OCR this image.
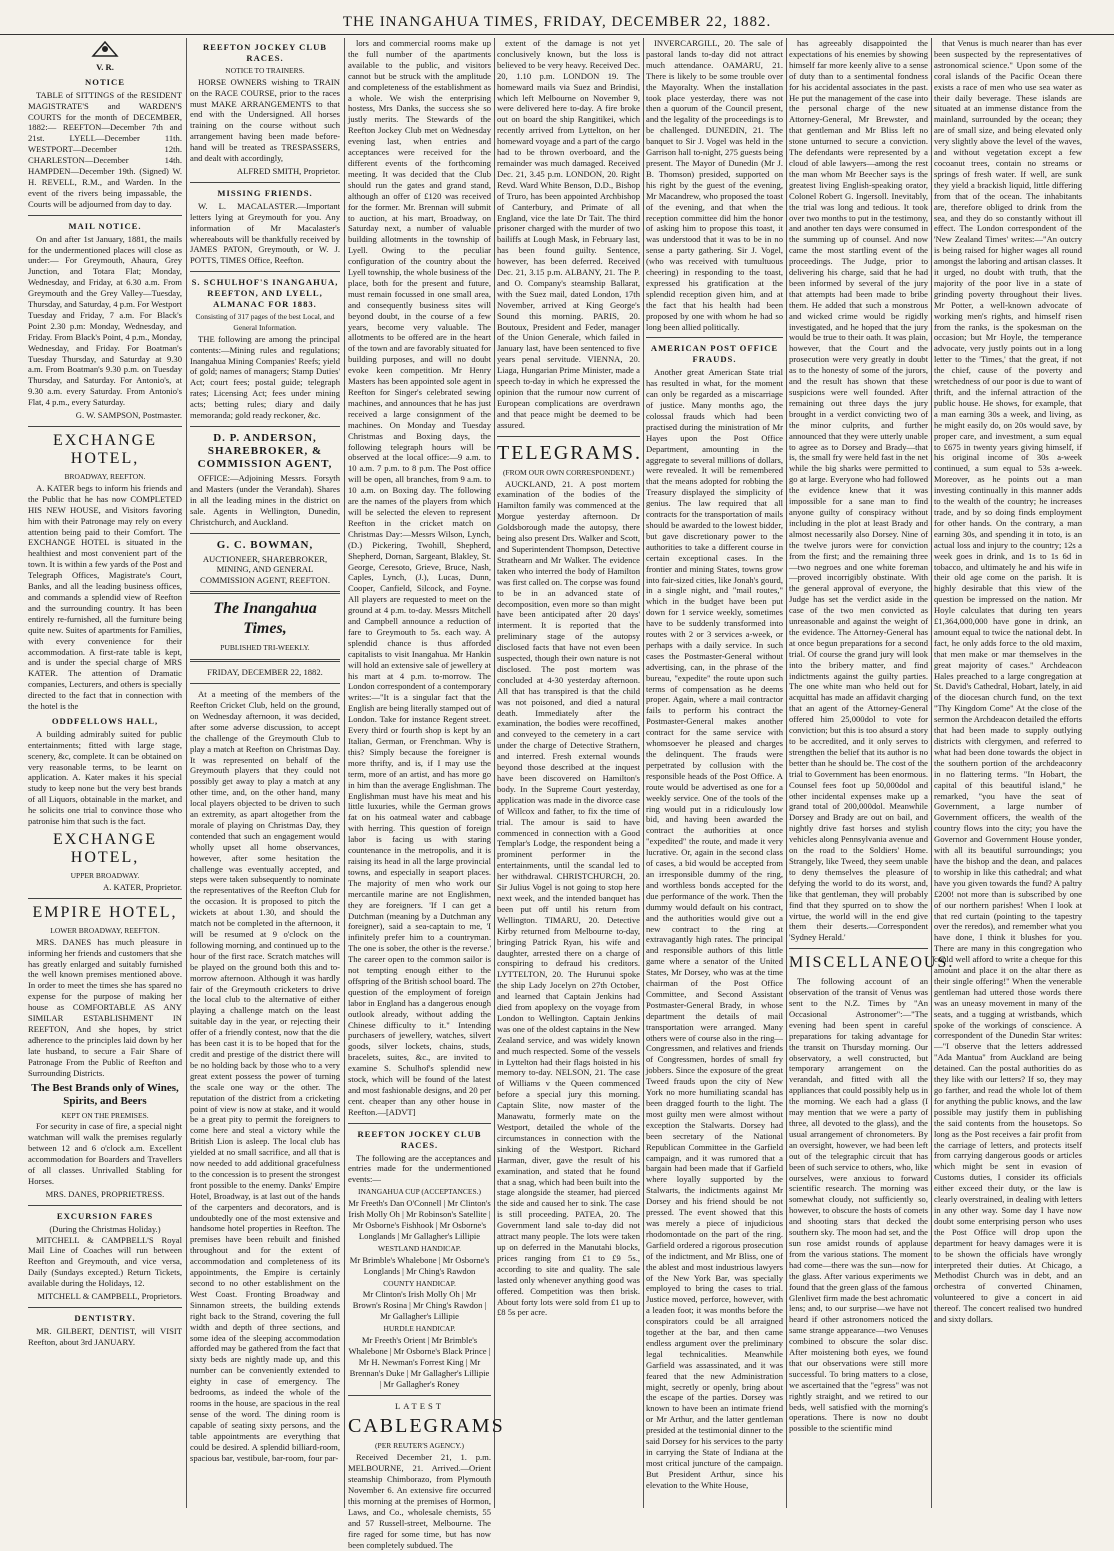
THE INANGAHUA TIMES, FRIDAY, DECEMBER 22, 1882.
V. R.
NOTICE

TABLE of SITTINGS of the RESIDENT MAGISTRATE'S and WARDEN'S COURTS for the month of DECEMBER, 1882:— REEFTON—December 7th and 21st. LYELL—December 11th. WESTPORT—December 12th. CHARLESTON—December 14th. HAMPDEN—December 19th. (Signed) W. H. REVELL, R.M., and Warden. In the event of the rivers being impassable, the Courts will be adjourned from day to day.

MAIL NOTICE.

On and after 1st January, 1881, the mails for the undermentioned places will close as under:— For Greymouth, Ahaura, Grey Junction, and Totara Flat; Monday, Wednesday, and Friday, at 6.30 a.m. From Greymouth and the Grey Valley—Tuesday, Thursday, and Saturday, 4 p.m. For Westport Tuesday and Friday, 7 a.m. For Black's Point 2.30 p.m: Monday, Wednesday, and Friday. From Black's Point, 4 p.m., Monday, Wednesday, and Friday. For Boatman's Tuesday Thursday, and Saturday at 9.30 a.m. From Boatman's 9.30 p.m. on Tuesday Thursday, and Saturday. For Antonio's, at 9.30 a.m. every Saturday. From Antonio's Flat, 4 p.m., every Saturday.

G. W. SAMPSON, Postmaster.

EXCHANGE HOTEL,
BROADWAY, REEFTON.

A. KATER begs to inform his friends and the Public that he has now COMPLETED HIS NEW HOUSE, and Visitors favoring him with their Patronage may rely on every attention being paid to their Comfort. The EXCHANGE HOTEL is situated in the healthiest and most convenient part of the town. It is within a few yards of the Post and Telegraph Offices, Magistrate's Court, Banks, and all the leading business offices, and commands a splendid view of Reefton and the surrounding country. It has been entirely re-furnished, all the furniture being quite new. Suites of apartments for Families, with every convenience for their accommodation. A first-rate table is kept, and is under the special charge of MRS KATER. The attention of Dramatic companies, Lecturers, and others is specially directed to the fact that in connection with the hotel is the

ODDFELLOWS HALL,

A building admirably suited for public entertainments; fitted with large stage, scenery, &c, complete. It can be obtained on very reasonable terms, to be learnt on application. A. Kater makes it his special study to keep none but the very best brands of all Liquors, obtainable in the market, and he solicits one trial to convince those who patronise him that such is the fact.

EXCHANGE HOTEL,
UPPER BROADWAY.

A. KATER, Proprietor.

EMPIRE HOTEL,
LOWER BROADWAY, REEFTON.

MRS. DANES has much pleasure in informing her friends and customers that she has greatly enlarged and suitably furnished the well known premises mentioned above. In order to meet the times she has spared no expense for the purpose of making her house as COMFORTABLE AS ANY SIMILAR ESTABLISHMENT IN REEFTON, And she hopes, by strict adherence to the principles laid down by her late husband, to secure a Fair Share of Patronage From the Public of Reefton and Surrounding Districts.

The Best Brands only of Wines, Spirits, and Beers
KEPT ON THE PREMISES.

For security in case of fire, a special night watchman will walk the premises regularly between 12 and 6 o'clock a.m. Excellent accommodation for Boarders and Travellers of all classes. Unrivalled Stabling for Horses.

MRS. DANES, PROPRIETRESS.
EXCURSION FARES
(During the Christmas Holiday.)

MITCHELL & CAMPBELL'S Royal Mail Line of Coaches will run between Reefton and Greymouth, and vice versa, Daily (Sundays excepted.) Return Tickets, available during the Holidays, 12.

MITCHELL & CAMPBELL, Proprietors.

DENTISTRY.

MR. GILBERT, DENTIST, will VISIT Reefton, about 3rd JANUARY.

REEFTON JOCKEY CLUB RACES.
NOTICE TO TRAINERS.

HORSE OWNERS wishing to TRAIN on the RACE COURSE, prior to the races must MAKE ARRANGEMENTS to that end with the Undersigned. All horses training on the course without such arrangement having been made before-hand will be treated as TRESPASSERS, and dealt with accordingly,

ALFRED SMITH, Proprietor.

MISSING FRIENDS.

W. L. MACALASTER.—Important letters lying at Greymouth for you. Any information of Mr Macalaster's whereabouts will be thankfully received by JAMES PATON, Greymouth, or W. J. POTTS, TIMES Office, Reefton.

S. SCHULHOF'S INANGAHUA, REEFTON, AND LYELL, ALMANAC FOR 1883.
Consisting of 317 pages of the best Local, and General Information.

THE following are among the principal contents:—Mining rules and regulations; Inangahua Mining Companies' Reefs; yield of gold; names of managers; Stamp Duties' Act; court fees; postal guide; telegraph rates; Licensing Act; fees under mining acts; betting rules; diary and daily memoranda; gold ready reckoner, &c.

D. P. ANDERSON, SHAREBROKER, & COMMISSION AGENT,

OFFICE:—Adjoining Messrs. Forsyth and Masters (under the Verandah). Shares in all the leading mines in the district on sale. Agents in Wellington, Dunedin, Christchurch, and Auckland.

G. C. BOWMAN,

AUCTIONEER, SHAREBROKER, MINING, AND GENERAL COMMISSION AGENT, REEFTON.

The Inangahua Times,
PUBLISHED TRI-WEEKLY.
FRIDAY, DECEMBER 22, 1882.

At a meeting of the members of the Reefton Cricket Club, held on the ground, on Wednesday afternoon, it was decided, after some adverse discussion, to accept the challenge of the Greymouth Club to play a match at Reefton on Christmas Day. It was represented on behalf of the Greymouth players that they could not possibly get away to play a match at any other time, and, on the other hand, many local players objected to be driven to such an extremity, as apart altogether from the morale of playing on Christmas Day, they contended that such an engagement would wholly upset all home observances, however, after some hesitation the challenge was eventually accepted, and steps were taken subsequently to nominate the representatives of the Reefton Club for the occasion. It is proposed to pitch the wickets at about 1.30, and should the match not be completed in the afternoon, it will be resumed at 9 o'clock on the following morning, and continued up to the hour of the first race. Scratch matches will be played on the ground both this and to-morrow afternoon. Although it was hardly fair of the Greymouth cricketers to drive the local club to the alternative of either playing a challenge match on the least suitable day in the year, or rejecting their offer of a friendly contest, now that the die has been cast it is to be hoped that for the credit and prestige of the district there will be no holding back by those who to a very great extent possess the power of turning the scale one way or the other. The reputation of the district from a cricketing point of view is now at stake, and it would be a great pity to permit the foreigners to come here and steal a victory while the British Lion is asleep. The local club has yielded at no small sacrifice, and all that is now needed to add additional gracefulness to the concession is to present the strongest front possible to the enemy. Danks' Empire Hotel, Broadway, is at last out of the hands of the carpenters and decorators, and is undoubtedly one of the most extensive and handsome hotel properties in Reefton. The premises have been rebuilt and finished throughout and for the extent of accommodation and completeness of its appointments, the Empire is certainly second to no other establishment on the West Coast. Fronting Broadway and Sinnamon streets, the building extends right back to the Strand, covering the full width and depth of three sections, and some idea of the sleeping accommodation afforded may be gathered from the fact that sixty beds are nightly made up, and this number can be conveniently extended to eighty in case of emergency. The bedrooms, as indeed the whole of the rooms in the house, are spacious in the real sense of the word. The dining room is capable of seating sixty persons, and the table appointments are everything that could be desired. A splendid billiard-room, spacious bar, vestibule, bar-room, four par-

lors and commercial rooms make up the full number of the apartments available to the public, and visitors cannot but be struck with the amplitude and completeness of the establishment as a whole. We wish the enterprising hostess, Mrs Danks, the success she so justly merits. The Stewards of the Reefton Jockey Club met on Wednesday evening last, when entries and acceptances were received for the different events of the forthcoming meeting. It was decided that the Club should run the gates and grand stand, although an offer of £120 was received for the former. Mr. Brennan will submit to auction, at his mart, Broadway, on Saturday next, a number of valuable building allotments in the township of Lyell. Owing to the peculiar configuration of the country about the Lyell township, the whole business of the place, both for the present and future, must remain focussed in one small area, and consequently business sites will beyond doubt, in the course of a few years, become very valuable. The allotments to be offered are in the heart of the town and are favorably situated for building purposes, and will no doubt evoke keen competition. Mr Henry Masters has been appointed sole agent in Reefton for Singer's celebrated sewing machines, and announces that he has just received a large consignment of the machines. On Monday and Tuesday Christmas and Boxing days, the following telegraph hours will be observed at the local office:—9 a.m. to 10 a.m. 7 p.m. to 8 p.m. The Post office will be open, all branches, from 9 a.m. to 10 a.m. on Boxing day. The following are the names of the players from which will be selected the eleven to represent Reefton in the cricket match on Christmas Day:—Messrs Wilson, Lynch, (D.) Pickering, Twohill, Shepherd, Shepherd, Dornan, Sargeant, Blakley, St. George, Ceresoto, Grieve, Bruce, Nash, Caples, Lynch, (J.), Lucas, Dunn, Cooper, Canfield, Silcock, and Foyne. All players are requested to meet on the ground at 4 p.m. to-day. Messrs Mitchell and Campbell announce a reduction of fare to Greymouth to 5s. each way. A splendid chance is thus afforded capitalists to visit Inangahua. Mr Hankin will hold an extensive sale of jewellery at his mart at 4 p.m. to-morrow. The London correspondent of a contemporary writes:—"It is a singular fact that the English are being literally stamped out of London. Take for instance Regent street. Every third or fourth shop is kept by an Italian, German, or Frenchman. Why is this? Simply because the foreigner is more thrifty, and is, if I may use the term, more of an artist, and has more go in him than the average Englishman. The Englishman must have his meat and his little luxuries, while the German grows fat on his oatmeal water and cabbage with herring. This question of foreign labor is facing us with staring countenance in the metropolis, and it is raising its head in all the large provincial towns, and especially in seaport places. The majority of men who work our mercantile marine are not Englishmen, they are foreigners. 'If I can get a Dutchman (meaning by a Dutchman any foreigner), said a sea-captain to me, 'I infinitely prefer him to a countryman. The one is sober, the other is the reverse.' The career open to the common sailor is not tempting enough either to the offspring of the British school board. The question of the employment of foreign labor in England has a dangerous enough outlook already, without adding the Chinese difficulty to it." Intending purchasers of jewellery, watches, silvert goods, silver lockets, chains, studs, bracelets, suites, &c., are invited to examine S. Schulhof's splendid new stock, which will be found of the latest and most fashionable designs, and 20 per cent. cheaper than any other house in Reefton.—[ADVT]

REEFTON JOCKEY CLUB RACES.

The following are the acceptances and entries made for the undermentioned events:—

INANGAHUA CUP (ACCEPTANCES.)

Mr Freeth's Dan O'Connell | Mr Clinton's Irish Molly Oh | Mr Robinson's Satellite | Mr Osborne's Fishhook | Mr Osborne's Longlands | Mr Gallagher's Lillipie

WESTLAND HANDICAP.

Mr Brimble's Whalebone | Mr Osborne's Longlands | Mr Ching's Rawdon

COUNTY HANDICAP.

Mr Clinton's Irish Molly Oh | Mr Brown's Rosina | Mr Ching's Rawdon | Mr Gallagher's Lillipie

HURDLE HANDICAP.

Mr Freeth's Orient | Mr Brimble's Whalebone | Mr Osborne's Black Prince | Mr H. Newman's Forrest King | Mr Brennan's Duke | Mr Gallagher's Lillipie | Mr Gallagher's Roney

LATEST
CABLEGRAMS
(PER REUTER'S AGENCY.)

Received December 21, 1. p.m. MELBOURNE, 21. Arrived.—Orient steamship Chimborazo, from Plymouth November 6. An extensive fire occurred this morning at the premises of Hormon, Laws, and Co., wholesale chemists, 55 and 57 Russell-street, Melbourne. The fire raged for some time, but has now been completely subdued. The

extent of the damage is not yet conclusively known, but the loss is believed to be very heavy. Received Dec. 20, 1.10 p.m. LONDON 19. The homeward mails via Suez and Brindisi, which left Melbourne on November 9, were delivered here to-day. A fire broke out on board the ship Rangitikei, which recently arrived from Lyttelton, on her homeward voyage and a part of the cargo had to be thrown overboard, and the remainder was much damaged. Received Dec. 21, 3.45 p.m. LONDON, 20. Right Revd. Ward White Benson, D.D., Bishop of Truro, has been appointed Archbishop of Canterbury, and Primate of all England, vice the late Dr Tait. The third prisoner charged with the murder of two bailiffs at Lough Mask, in February last, has been found guilty. Sentence, however, has been deferred. Received Dec. 21, 3.15 p.m. ALBANY, 21. The P. and O. Company's steamship Ballarat, with the Suez mail, dated London, 17th November, arrived at King George's Sound this morning. PARIS, 20. Boutoux, President and Feder, manager of the Union Generale, which failed in January last, have been sentenced to five years penal servitude. VIENNA, 20. Liaga, Hungarian Prime Minister, made a speech to-day in which he expressed the opinion that the rumour now current of European complications are overdrawn and that peace might be deemed to be assured.

TELEGRAMS.
(FROM OUR OWN CORRESPONDENT.)

AUCKLAND, 21. A post mortem examination of the bodies of the Hamilton family was commenced at the Morgue yesterday afternoon. Dr Goldsborough made the autopsy, there being also present Drs. Walker and Scott, and Superintendent Thompson, Detective Strathearn and Mr Walker. The evidence taken who interred the body of Hamilton was first called on. The corpse was found to be in an advanced state of decomposition, even more so than might have been anticipated after 20 days' interment. It is reported that the preliminary stage of the autopsy disclosed facts that have not even been suspected, though their own nature is not disclosed. The post mortem was concluded at 4-30 yesterday afternoon. All that has transpired is that the child was not poisoned, and died a natural death. Immediately after the examination, the bodies were recoffined, and conveyed to the cemetery in a cart under the charge of Detective Strathern, and interred. Fresh external wounds beyond those described at the inquest have been discovered on Hamilton's body. In the Supreme Court yesterday, application was made in the divorce case of Willcox and father, to fix the time of trial. The amour is said to have commenced in connection with a Good Templar's Lodge, the respondent being a prominent performer in the entertainments, until the scandal led to her withdrawal. CHRISTCHURCH, 20. Sir Julius Vogel is not going to stop here next week, and the intended banquet has been put off until his return from Wellington. TIMARU, 20. Detective Kirby returned from Melbourne to-day, bringing Patrick Ryan, his wife and daughter, arrested there on a charge of conspiring to defraud his creditors. LYTTELTON, 20. The Hurunui spoke the ship Lady Jocelyn on 27th October, and learned that Captain Jenkins had died from apoplexy on the voyage from London to Wellington. Captain Jenkins was one of the oldest captains in the New Zealand service, and was widely known and much respected. Some of the vessels in Lyttelton had their flags hoisted in his memory to-day. NELSON, 21. The case of Williams v the Queen commenced before a special jury this morning. Captain Slite, now master of the Manawatu, formerly mate on the Westport, detailed the whole of the circumstances in connection with the sinking of the Westport. Richard Harman, diver, gave the result of his examination, and stated that he found that a snag, which had been built into the stage alongside the steamer, had pierced the side and caused her to sink. The case is still proceeding. PATEA, 20. The Government land sale to-day did not attract many people. The lots were taken up on deferred in the Manutahi blocks, prices ranging from £1 to £9 5s., according to site and quality. The sale lasted only whenever anything good was offered. Competition was then brisk. About forty lots were sold from £1 up to £8 5s per acre.

INVERCARGILL, 20. The sale of pastoral lands to-day did not attract much attendance. OAMARU, 21. There is likely to be some trouble over the Mayoralty. When the installation took place yesterday, there was not then a quorum of the Council present, and the legality of the proceedings is to be challenged. DUNEDIN, 21. The banquet to Sir J. Vogel was held in the Garrison hall to-night, 275 guests being present. The Mayor of Dunedin (Mr J. B. Thomson) presided, supported on his right by the guest of the evening, Mr Macandrew, who proposed the toast of the evening, and that when the reception committee did him the honor of asking him to propose this toast, it was understood that it was to be in no sense a party gathering. Sir J. Vogel, (who was received with tumultuous cheering) in responding to the toast, expressed his gratification at the splendid reception given him, and at the fact that his health had been proposed by one with whom he had so long been allied politically.

AMERICAN POST OFFICE FRAUDS.

Another great American State trial has resulted in what, for the moment can only be regarded as a miscarriage of justice. Many months ago, the colossal frauds which had been practised during the ministration of Mr Hayes upon the Post Office Department, amounting in the aggregate to several millions of dollars, were revealed. It will be remembered that the means adopted for robbing the Treasury displayed the simplicity of genius. The law required that all contracts for the transportation of mails should be awarded to the lowest bidder, but gave discretionary power to the authorities to take a different course in certain exceptional cases. In the frontier and mining States, towns grow into fair-sized cities, like Jonah's gourd, in a single night, and "mail routes," which in the budget have been put down for 1 service weekly, sometimes have to be suddenly transformed into routes with 2 or 3 services a-week, or perhaps with a daily service. In such cases the Postmaster-General without advertising, can, in the phrase of the bureau, "expedite" the route upon such terms of compensation as he deems proper. Again, where a mail contractor fails to perform his contract the Postmaster-General makes another contract for the same service with whomsoever he pleased and charges the delinquent. The frauds were perpetrated by collusion with the responsible heads of the Post Office. A route would be advertised as one for a weekly service. One of the tools of the ring would put in a ridiculously low bid, and having been awarded the contract the authorities at once "expedited" the route, and made it very lucrative. Or, again in the second class of cases, a bid would be accepted from an irresponsible dummy of the ring, and worthless bonds accepted for the due performance of the work. Then the dummy would default on his contract, and the authorities would give out a new contract to the ring at extravagantly high rates. The principal and responsible authors of this little game where a senator of the United States, Mr Dorsey, who was at the time chairman of the Post Office Committee, and Second Assistant Postmaster-General Brady, in whose department the details of mail transportation were arranged. Many others were of course also in the ring—Congressmen, and relatives and friends of Congressmen, hordes of small fry jobbers. Since the exposure of the great Tweed frauds upon the city of New York no more humiliating scandal has been dragged fourth to the light. The most guilty men were almost without exception the Stalwarts. Dorsey had been secretary of the National Republican Committee in the Garfield campaign, and it was rumored that a bargain had been made that if Garfield where loyally supported by the Stalwarts, the indictments against Mr Dorsey and his friend should be not pressed. The event showed that this was merely a piece of injudicious rhodomontade on the part of the ring. Garfield ordered a rigorous prosecution of the indictment, and Mr Bliss, one of the ablest and most industrious lawyers of the New York Bar, was specially employed to bring the cases to trial. Justice moved, perforce, however, with a leaden foot; it was months before the conspirators could be all arraigned together at the bar, and then came endless argument over the preliminary legal technicalities. Meanwhile Garfield was assassinated, and it was feared that the new Administration might, secretly or openly, bring about the escape of the parties. Dorsey was known to have been an intimate friend or Mr Arthur, and the latter gentleman presided at the testimonial dinner to the said Dorsey for his services to the party in carrying the State of Indiana at the most critical juncture of the campaign. But President Arthur, since his elevation to the White House,

has agreeably disappointed the expectations of his enemies by showing himself far more keenly alive to a sense of duty than to a sentimental fondness for his accidental associates in the past. He put the management of the case into the personal charge of the new Attorney-General, Mr Brewster, and that gentleman and Mr Bliss left no stone unturned to secure a conviction. The defendants were represented by a cloud of able lawyers—among the rest the man whom Mr Beecher says is the greatest living English-speaking orator, Colonel Robert G. Ingersoll. Inevitably, the trial was long and tedious. It took over two months to put in the testimony, and another ten days were consumed in the summing up of counsel. And now came the most startling event of the proceedings. The Judge, prior to delivering his charge, said that he had been informed by several of the jury that attempts had been made to bribe them. He added that such a monstrous and wicked crime would be rigidly investigated, and he hoped that the jury would be true to their oath. It was plain, however, that the Court and the prosecution were very greatly in doubt as to the honesty of some of the jurors, and the result has shown that these suspicions were well founded. After remaining out three days the jury brought in a verdict convicting two of the minor culprits, and further announced that they were utterly unable to agree as to Dorsey and Brady—that is, the small fry were held fast in the net while the big sharks were permitted to go at large. Everyone who had followed the evidence knew that it was impossible for a sane man to find anyone guilty of conspiracy without including in the plot at least Brady and almost necessarily also Dorsey. Nine of the twelve jurors were for conviction from the first; and the remaining three—two negroes and one white foreman—proved incorrigibly obstinate. With the general approval of everyone, the Judge has set the verdict aside in the case of the two men convicted as unreasonable and against the weight of the evidence. The Attorney-General has at once begun preparations for a second trial. Of course the grand jury will look into the bribery matter, and find indictments against the guilty parties. The one white man who held out for acquittal has made an affidavit charging that an agent of the Attorney-General offered him 25,000dol to vote for conviction; but this is too absurd a story to be accredited, and it only serves to strengthen the belief that its author is no better than he should be. The cost of the trial to Government has been enormous. Counsel fees foot up 50,000dol and other incidental expenses make up a grand total of 200,000dol. Meanwhile Dorsey and Brady are out on bail, and nightly drive fast horses and stylish vehicles along Pennsylvania avenue and on the road to the Soldiers' Home. Strangely, like Tweed, they seem unable to deny themselves the pleasure of defying the world to do its worst, and, like that gentleman, they will probably find that they spurred on to show the virtue, the world will in the end give them their deserts.—Correspondent 'Sydney Herald.'

MISCELLANEOUS.

The following account of an observation of the transit of Venus was sent to the N.Z. Times by "An Occasional Astronomer":—"The evening had been spent in careful preparations for taking advantage for the transit on Thursday morning. Our observatory, a well constructed, but temporary arrangement on the verandah, and fitted with all the appliances that could possibly help us in the morning. We each had a glass (I may mention that we were a party of three, all devoted to the glass), and the usual arrangement of chronometers. By an oversight, however, we had been left out of the telegraphic circuit that has been of such service to others, who, like ourselves, were anxious to forward scientific research. The morning was somewhat cloudy, not sufficiently so, however, to obscure the hosts of comets and shooting stars that decked the southern sky. The moon had set, and the sun rose amidst rounds of applause from the various stations. The moment had come—there was the sun—now for the glass. After various experiments we found that the green glass of the famous Glenlivet firm made the best achromatic lens; and, to our surprise—we have not heard if other astronomers noticed the same strange appearance—two Venuses combined to obscure the solar disc. After moistening both eyes, we found that our observations were still more successful. To bring matters to a close, we ascertained that the "egress" was not rightly straight, and we retired to our beds, well satisfied with the morning's operations. There is now no doubt possible to the scientific mind

that Venus is much nearer than has ever been suspected by the representatives of astronomical science." Upon some of the coral islands of the Pacific Ocean there exists a race of men who use sea water as their daily beverage. These islands are situated at an immense distance from the mainland, surrounded by the ocean; they are of small size, and being elevated only very slightly above the level of the waves, and without vegetation except a few cocoanut trees, contain no streams or springs of fresh water. If well, are sunk they yield a brackish liquid, little differing from that of the ocean. The inhabitants are, therefore obliged to drink from the sea, and they do so constantly without ill effect. The London correspondent of the 'New Zealand Times' writes:—"An outcry is being raised for higher wages all round amongst the laboring and artisan classes. It it urged, no doubt with truth, that the majority of the poor live in a state of grinding poverty throughout their lives. Mr Potter, a well-known advocate of working men's rights, and himself risen from the ranks, is the spokesman on the occasion; but Mr Hoyle, the temperance advocate, very justly points out in a long letter to the 'Times,' that the great, if not the chief, cause of the poverty and wretchedness of our poor is due to want of thrift, and the infernal attraction of the public house. He shows, for example, that a man earning 30s a week, and living, as he might easily do, on 20s would save, by proper care, and investment, a sum equal to £675 in twenty years giving himself, if his original income of 30s a-week continued, a sum equal to 53s a-week. Moreover, as he points out a man investing continually in this manner adds to the wealth of the country; he increases trade, and by so doing finds employment for other hands. On the contrary, a man earning 30s, and spending it in toto, is an actual loss and injury to the country; 12s a week goes in drink, and 1s to 1s 6d in tobacco, and ultimately he and his wife in their old age come on the parish. It is highly desirable that this view of the question be impressed on the nation. Mr Hoyle calculates that during ten years £1,364,000,000 have gone in drink, an amount equal to twice the national debt. In fact, he only adds force to the old maxim, that men make or mar themselves in the great majority of cases." Archdeacon Hales preached to a large congregation at St. David's Cathedral, Hobart, lately, in aid of the diocesan church fund, on the text "Thy Kingdom Come" At the close of the sermon the Archdeacon detailed the efforts that had been made to supply outlying districts with clergymen, and referred to what had been done towards the object in the southern portion of the archdeaconry in no flattering terms. "In Hobart, the capital of this beautiful island," he remarked, "you have the seat of Government, a large number of Government officers, the wealth of the country flows into the city; you have the Governor and Government House yonder, with all its beautiful surroundings; you have the bishop and the dean, and palaces to worship in like this cathedral; and what have you given towards the fund? A paltry £200! not more than is subscribed by one of our northern parishes! When I look at that red curtain (pointing to the tapestry over the reredos), and remember what you have done, I think it blushes for you. There are many in this congregation who could well afford to write a cheque for this amount and place it on the altar there as their single offering!" When the venerable gentleman had uttered those words there was an uneasy movement in many of the seats, and a tugging at wristbands, which spoke of the workings of conscience. A correspondent of the Dunedin Star writes:—"I observe that the letters addressed "Ada Mantua" from Auckland are being detained. Can the postal authorities do as they like with our letters? If so, they may go farther, and read the whole lot of them for anything the public knows, and the law possible may justify them in publishing the said contents from the housetops. So long as the Post receives a fair profit from the carriage of letters, and protects itself from carrying dangerous goods or articles which might be sent in evasion of Customs duties, I consider its officials either exceed their duty, or the law is clearly overstrained, in dealing with letters in any other way. Some day I have now doubt some enterprising person who uses the Post Office will drop upon the department for heavy damages were it is to be shown the officials have wrongly interpreted their duties. At Chicago, a Methodist Church was in debt, and an orchestra of converted Chinamen, volunteered to give a concert in aid thereof. The concert realised two hundred and sixty dollars.
